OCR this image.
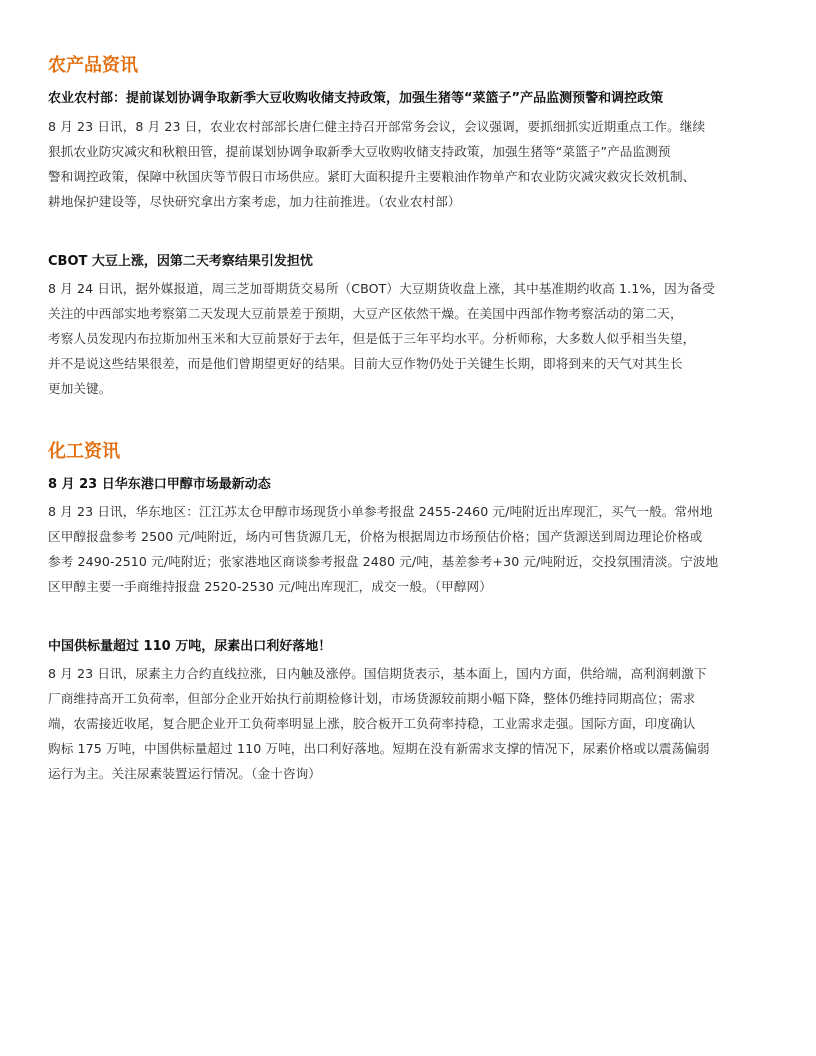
农产品资讯
农业农村部：提前谋划协调争取新季大豆收购收储支持政策，加强生猪等“菜篮子”产品监测预警和调控政策
8 月 23 日讯，8 月 23 日，农业农村部部长唐仁健主持召开部常务会议，会议强调，要抓细抓实近期重点工作。继续
狠抓农业防灾减灾和秋粮田管，提前谋划协调争取新季大豆收购收储支持政策，加强生猪等“菜篮子”产品监测预
警和调控政策，保障中秋国庆等节假日市场供应。紧盯大面积提升主要粮油作物单产和农业防灾减灾救灾长效机制、
耕地保护建设等，尽快研究拿出方案考虑，加力往前推进。（农业农村部）
CBOT 大豆上涨，因第二天考察结果引发担忧
8 月 24 日讯，据外媒报道，周三芝加哥期货交易所（CBOT）大豆期货收盘上涨，其中基准期约收高 1.1%，因为备受
关注的中西部实地考察第二天发现大豆前景差于预期，大豆产区依然干燥。在美国中西部作物考察活动的第二天，
考察人员发现内布拉斯加州玉米和大豆前景好于去年，但是低于三年平均水平。分析师称，大多数人似乎相当失望，
并不是说这些结果很差，而是他们曾期望更好的结果。目前大豆作物仍处于关键生长期，即将到来的天气对其生长
更加关键。
化工资讯
8 月 23 日华东港口甲醇市场最新动态
8 月 23 日讯，华东地区：江江苏太仓甲醇市场现货小单参考报盘 2455-2460 元/吨附近出库现汇，买气一般。常州地
区甲醇报盘参考 2500 元/吨附近，场内可售货源几无，价格为根据周边市场预估价格；国产货源送到周边理论价格或
参考 2490-2510 元/吨附近；张家港地区商谈参考报盘 2480 元/吨，基差参考+30 元/吨附近，交投氛围清淡。宁波地
区甲醇主要一手商维持报盘 2520-2530 元/吨出库现汇，成交一般。（甲醇网）
中国供标量超过 110 万吨，尿素出口利好落地！
8 月 23 日讯，尿素主力合约直线拉涨，日内触及涨停。国信期货表示，基本面上，国内方面，供给端，高利润刺激下
厂商维持高开工负荷率，但部分企业开始执行前期检修计划，市场货源较前期小幅下降，整体仍维持同期高位；需求
端，农需接近收尾，复合肥企业开工负荷率明显上涨，胶合板开工负荷率持稳，工业需求走强。国际方面，印度确认
购标 175 万吨，中国供标量超过 110 万吨，出口利好落地。短期在没有新需求支撑的情况下，尿素价格或以震荡偏弱
运行为主。关注尿素装置运行情况。（金十咨询）
